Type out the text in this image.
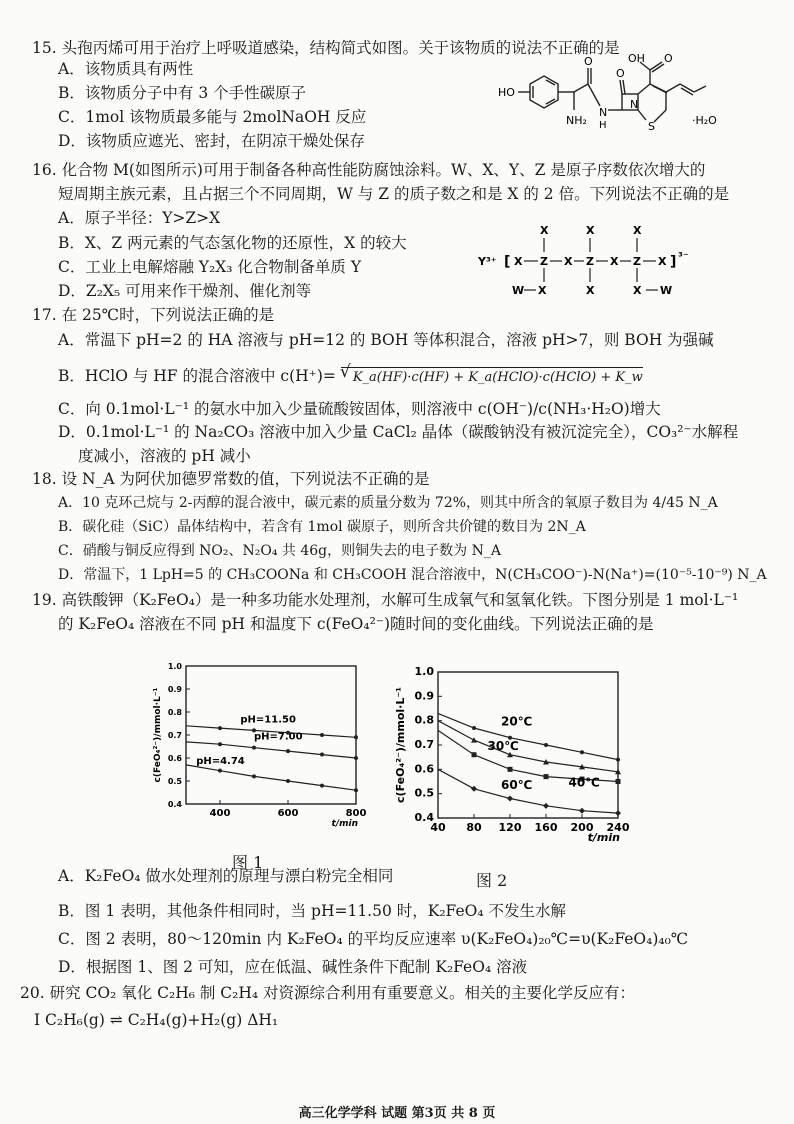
15. 头孢丙烯可用于治疗上呼吸道感染，结构简式如图。关于该物质的说法不正确的是
A．该物质具有两性
B．该物质分子中有 3 个手性碳原子
C．1mol 该物质最多能与 2molNaOH 反应
D．该物质应遮光、密封，在阴凉干燥处保存
HO
OH O
O
O
N
H
N
S
NH₂	·H₂O
16. 化合物 M(如图所示)可用于制备各种高性能防腐蚀涂料。W、X、Y、Z 是原子序数依次增大的
短周期主族元素，且占据三个不同周期，W 与 Z 的质子数之和是 X 的 2 倍。下列说法不正确的是
A．原子半径：Y>Z>X
B．X、Z 两元素的气态氢化物的还原性，X 的较大
C．工业上电解熔融 Y₂X₃ 化合物制备单质 Y
D．Z₂X₅ 可用来作干燥剂、催化剂等
Y³⁺ [ X Z X Z X Z X ] ³⁻
X	X	X
W X	X	X W
17. 在 25℃时，下列说法正确的是
A．常温下 pH=2 的 HA 溶液与 pH=12 的 BOH 等体积混合，溶液 pH>7，则 BOH 为强碱
B．HClO 与 HF 的混合溶液中 c(H⁺)= √ K_a(HF)·c(HF) + K_a(HClO)·c(HClO) + K_w
C．向 0.1mol·L⁻¹ 的氨水中加入少量硫酸铵固体，则溶液中 c(OH⁻)/c(NH₃·H₂O)增大
D．0.1mol·L⁻¹ 的 Na₂CO₃ 溶液中加入少量 CaCl₂ 晶体（碳酸钠没有被沉淀完全），CO₃²⁻水解程
度减小，溶液的 pH 减小
18. 设 N_A 为阿伏加德罗常数的值，下列说法不正确的是
A．10 克环己烷与 2-丙醇的混合液中，碳元素的质量分数为 72%，则其中所含的氧原子数目为 4/45 N_A
B．碳化硅（SiC）晶体结构中，若含有 1mol 碳原子，则所含共价键的数目为 2N_A
C．硝酸与铜反应得到 NO₂、N₂O₄ 共 46g，则铜失去的电子数为 N_A
D．常温下，1 LpH=5 的 CH₃COONa 和 CH₃COOH 混合溶液中，N(CH₃COO⁻)-N(Na⁺)=(10⁻⁵-10⁻⁹) N_A
19. 高铁酸钾（K₂FeO₄）是一种多功能水处理剂，水解可生成氧气和氢氧化铁。下图分别是 1 mol·L⁻¹
的 K₂FeO₄ 溶液在不同 pH 和温度下 c(FeO₄²⁻)随时间的变化曲线。下列说法正确的是
0.4
0.5
0.6
0.7
0.8
0.9
1.0
400	600	800
t/min
c(FeO₄²⁻)/mmol·L⁻¹	pH=11.50
pH=7.00
pH=4.74
图 1
0.4
0.5
0.6
0.7
0.8
0.9
1.0
40 80 120 160 200 240
t/min
c(FeO₄²⁻)/mmol·L⁻¹	20℃
30℃
40℃
60℃
图 2
A．K₂FeO₄ 做水处理剂的原理与漂白粉完全相同
B．图 1 表明，其他条件相同时，当 pH=11.50 时，K₂FeO₄ 不发生水解
C．图 2 表明，80～120min 内 K₂FeO₄ 的平均反应速率 υ(K₂FeO₄)₂₀℃=υ(K₂FeO₄)₄₀℃
D．根据图 1、图 2 可知，应在低温、碱性条件下配制 K₂FeO₄ 溶液
20. 研究 CO₂ 氧化 C₂H₆ 制 C₂H₄ 对资源综合利用有重要意义。相关的主要化学反应有：
Ⅰ C₂H₆(g) ⇌ C₂H₄(g)+H₂(g) ΔH₁
高三化学学科 试题 第3页 共 8 页
